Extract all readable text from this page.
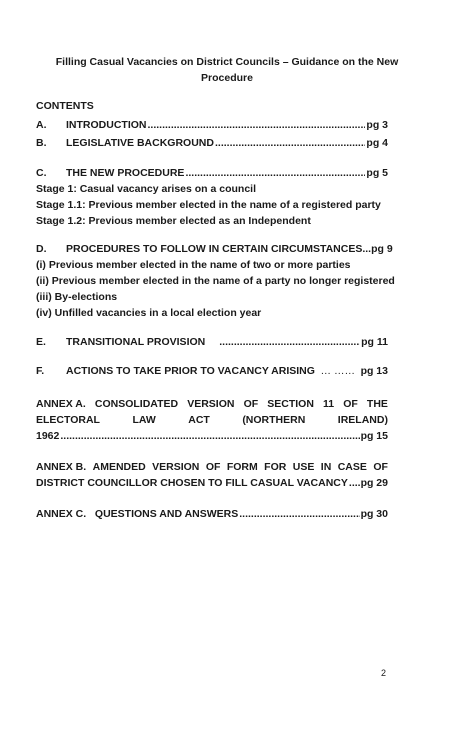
Filling Casual Vacancies on District Councils – Guidance on the New
Procedure
CONTENTS
A.	INTRODUCTION .....	pg 3
B.	LEGISLATIVE BACKGROUND .....	pg 4
C.	THE NEW PROCEDURE .....	pg 5
Stage 1: Casual vacancy arises on a council
Stage 1.1: Previous member elected in the name of a registered party
Stage 1.2: Previous member elected as an Independent
D.	PROCEDURES TO FOLLOW IN CERTAIN CIRCUMSTANCES...pg 9
(i) Previous member elected in the name of two or more parties
(ii) Previous member elected in the name of a party no longer registered
(iii) By-elections
(iv) Unfilled vacancies in a local election year
E.	TRANSITIONAL PROVISION .....	pg 11
F.	ACTIONS TO TAKE PRIOR TO VACANCY ARISING … …… pg 13
ANNEX A. CONSOLIDATED VERSION OF SECTION 11 OF THE
ELECTORAL	LAW	ACT	(NORTHERN	IRELAND)
1962 .....	pg 15
ANNEX B. AMENDED VERSION OF FORM FOR USE IN CASE OF
DISTRICT COUNCILLOR CHOSEN TO FILL CASUAL VACANCY ..... pg 29
ANNEX C.   QUESTIONS AND ANSWERS .....	pg 30
2
